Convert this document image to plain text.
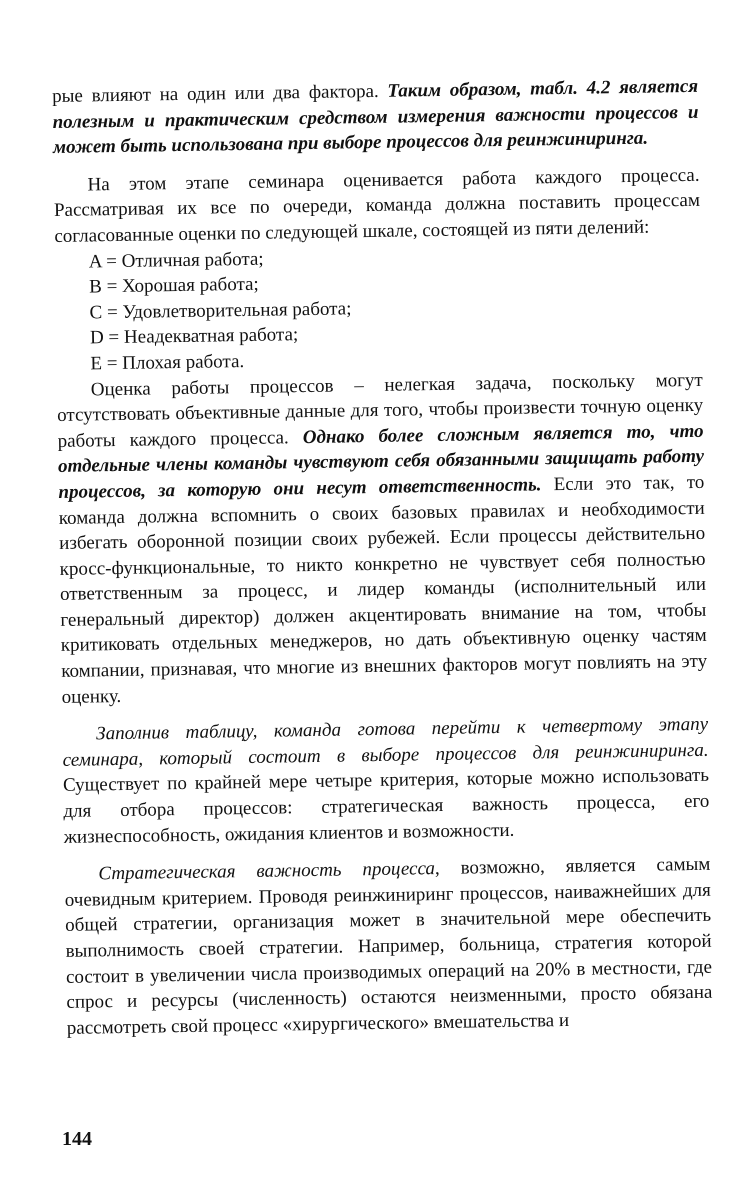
рые влияют на один или два фактора. Таким образом, табл. 4.2 является полезным и практическим средством измерения важности процессов и может быть использована при выборе процессов для реинжиниринга.

На этом этапе семинара оценивается работа каждого процесса. Рассматривая их все по очереди, команда должна поставить процессам согласованные оценки по следующей шкале, состоящей из пяти делений:

A = Отличная работа;
B = Хорошая работа;
C = Удовлетворительная работа;
D = Неадекватная работа;
E = Плохая работа.

Оценка работы процессов – нелегкая задача, поскольку могут отсутствовать объективные данные для того, чтобы произвести точную оценку работы каждого процесса. Однако более сложным является то, что отдельные члены команды чувствуют себя обязанными защищать работу процессов, за которую они несут ответственность. Если это так, то команда должна вспомнить о своих базовых правилах и необходимости избегать оборонной позиции своих рубежей. Если процессы действительно кросс-функциональные, то никто конкретно не чувствует себя полностью ответственным за процесс, и лидер команды (исполнительный или генеральный директор) должен акцентировать внимание на том, чтобы критиковать отдельных менеджеров, но дать объективную оценку частям компании, признавая, что многие из внешних факторов могут повлиять на эту оценку.

Заполнив таблицу, команда готова перейти к четвертому этапу семинара, который состоит в выборе процессов для реинжиниринга. Существует по крайней мере четыре критерия, которые можно использовать для отбора процессов: стратегическая важность процесса, его жизнеспособность, ожидания клиентов и возможности.

Стратегическая важность процесса, возможно, является самым очевидным критерием. Проводя реинжиниринг процессов, наиважнейших для общей стратегии, организация может в значительной мере обеспечить выполнимость своей стратегии. Например, больница, стратегия которой состоит в увеличении числа производимых операций на 20% в местности, где спрос и ресурсы (численность) остаются неизменными, просто обязана рассмотреть свой процесс «хирургического» вмешательства и

144
